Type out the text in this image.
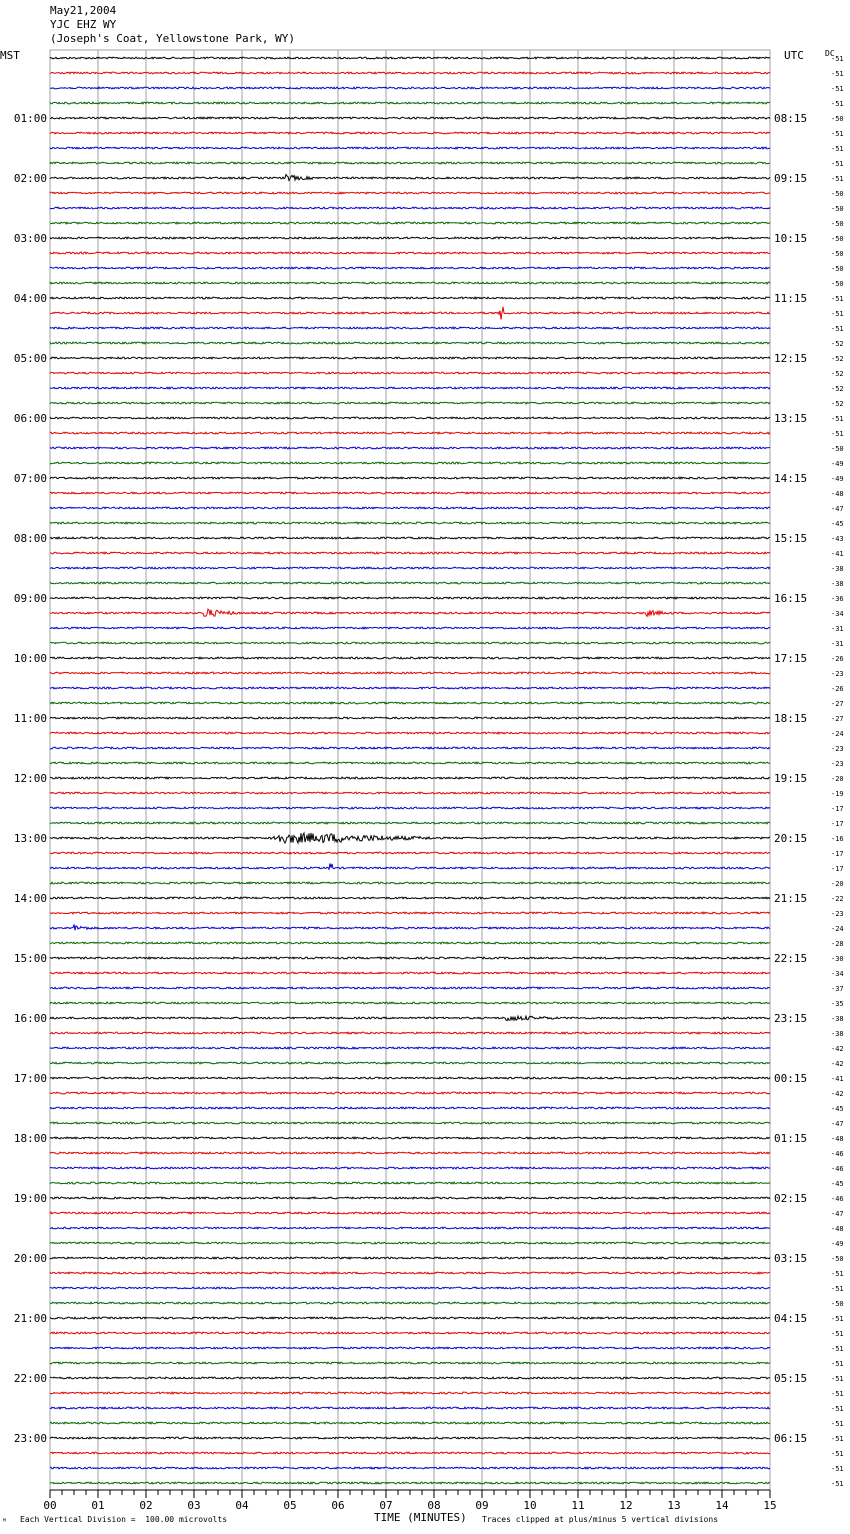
May21,2004
YJC EHZ WY
(Joseph's Coat, Yellowstone Park, WY)
MST	UTC	DC
-51
-51
-51
-51
-50
-51
-51
-51
-51
-50
-50
-50
-50
-50
-50
-50
-51
-51
-51
-52
-52
-52
-52
-52
-51
-51
-50
-49
-49
-48
-47
-45
-43
-41
-38
-38
-36
-34
-31
-31
-26
-23
-26
-27
-27
-24
-23
-23
-20
-19
-17
-17
-16
-17
-17
-20
-22
-23
-24
-28
-30
-34
-37
-35
-38
-38
-42
-42
-41
-42
-45
-47
-48
-46
-46
-45
-46
-47
-48
-49
-50
-51
-51
-50
-51
-51
-51
-51
-51
-51
-51
-51
-51
-51
-51
-51
01:00	08:15
02:00	09:15
03:00	10:15
04:00	11:15
05:00	12:15
06:00	13:15
07:00	14:15
08:00	15:15
09:00	16:15
10:00	17:15
11:00	18:15
12:00	19:15
13:00	20:15
14:00	21:15
15:00	22:15
16:00	23:15
17:00	00:15
18:00	01:15
19:00	02:15
20:00	03:15
21:00	04:15
22:00	05:15
23:00	06:15
00	01	02	03	04	05	06	07	08	09	10	11	12	13	14	15
ᴹ Each Vertical Division =  100.00 microvolts	TIME (MINUTES) Traces clipped at plus/minus 5 vertical divisions
